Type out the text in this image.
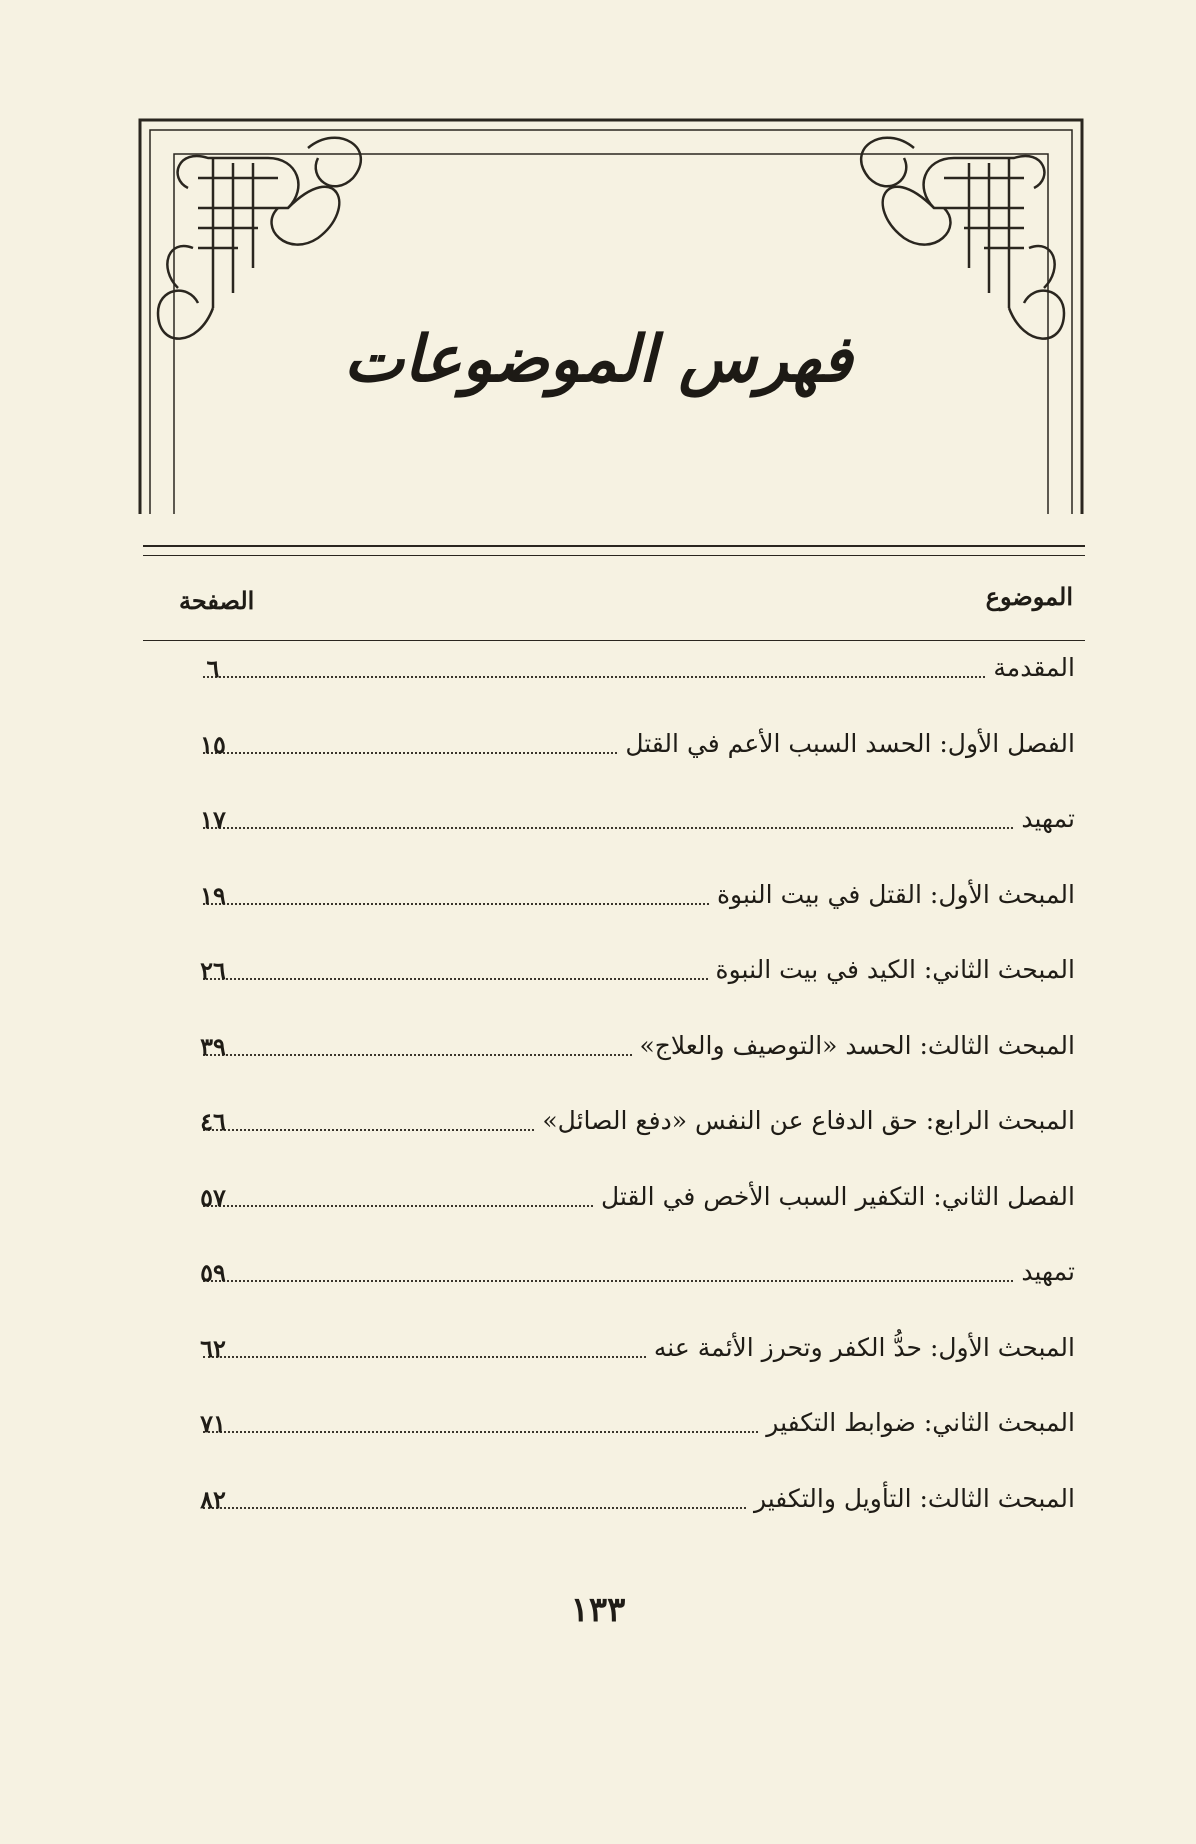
فهرس الموضوعات
الموضوع
الصفحة
المقدمة
٦
الفصل الأول: الحسد السبب الأعم في القتل
١٥
تمهيد
١٧
المبحث الأول: القتل في بيت النبوة
١٩
المبحث الثاني: الكيد في بيت النبوة
٢٦
المبحث الثالث: الحسد «التوصيف والعلاج»
٣٩
المبحث الرابع: حق الدفاع عن النفس «دفع الصائل»
٤٦
الفصل الثاني: التكفير السبب الأخص في القتل
٥٧
تمهيد
٥٩
المبحث الأول: حدُّ الكفر وتحرز الأئمة عنه
٦٢
المبحث الثاني: ضوابط التكفير
٧١
المبحث الثالث: التأويل والتكفير
٨٢
١٣٣
